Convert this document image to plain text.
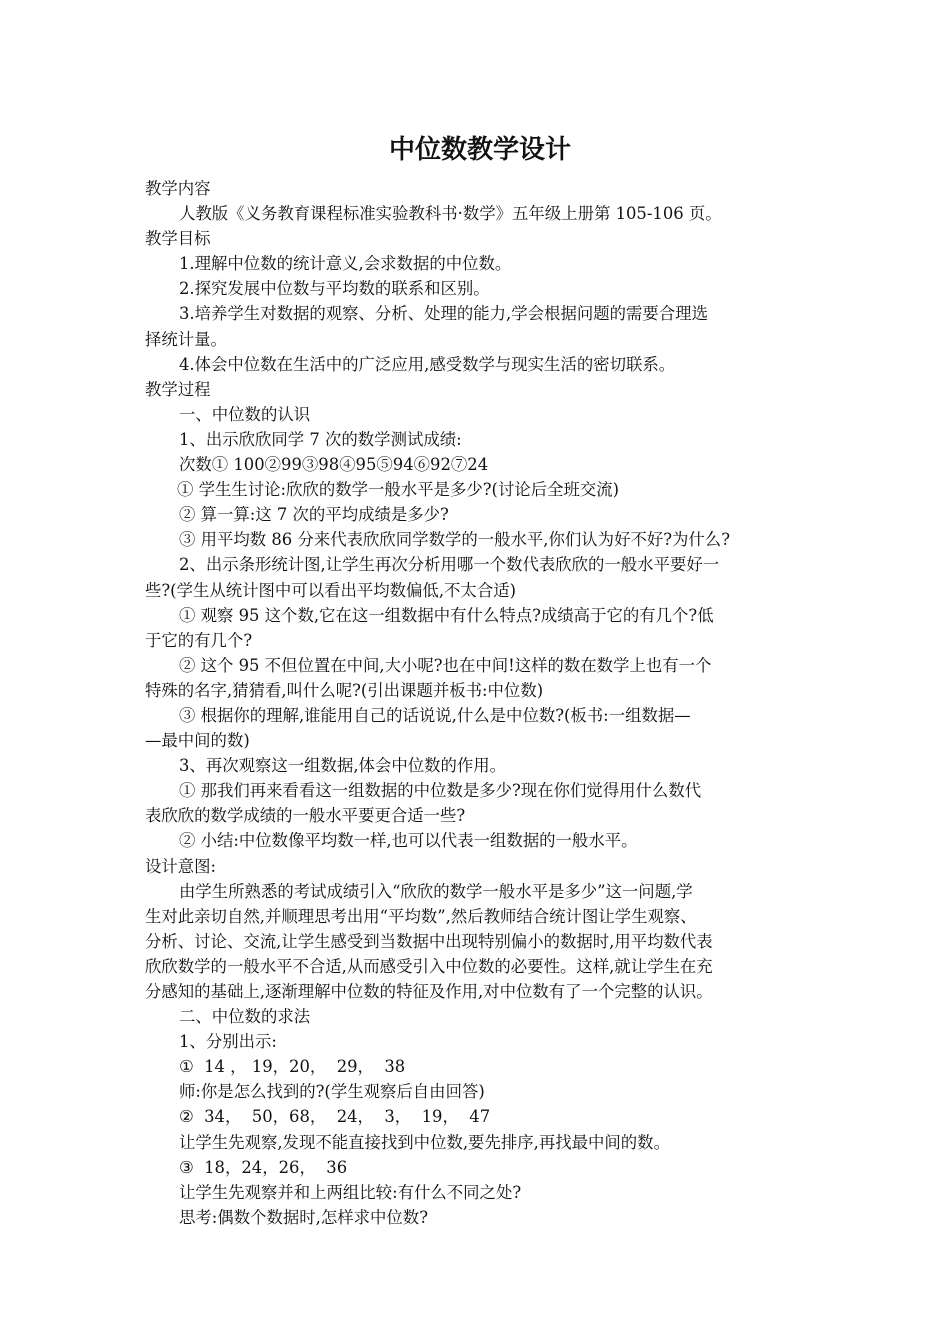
中位数教学设计
教学内容
人教版《义务教育课程标准实验教科书·数学》五年级上册第 105-106 页。
教学目标
1.理解中位数的统计意义,会求数据的中位数。
2.探究发展中位数与平均数的联系和区别。
3.培养学生对数据的观察、分析、处理的能力,学会根据问题的需要合理选
择统计量。
4.体会中位数在生活中的广泛应用,感受数学与现实生活的密切联系。
教学过程
一、中位数的认识
1、出示欣欣同学 7 次的数学测试成绩:
次数① 100②99③98④95⑤94⑥92⑦24
① 学生生讨论:欣欣的数学一般水平是多少?(讨论后全班交流)
② 算一算:这 7 次的平均成绩是多少?
③ 用平均数 86 分来代表欣欣同学数学的一般水平,你们认为好不好?为什么?
2、出示条形统计图,让学生再次分析用哪一个数代表欣欣的一般水平要好一
些?(学生从统计图中可以看出平均数偏低,不太合适)
① 观察 95 这个数,它在这一组数据中有什么特点?成绩高于它的有几个?低
于它的有几个?
② 这个 95 不但位置在中间,大小呢?也在中间!这样的数在数学上也有一个
特殊的名字,猜猜看,叫什么呢?(引出课题并板书:中位数)
③ 根据你的理解,谁能用自己的话说说,什么是中位数?(板书:一组数据—
—最中间的数)
3、再次观察这一组数据,体会中位数的作用。
① 那我们再来看看这一组数据的中位数是多少?现在你们觉得用什么数代
表欣欣的数学成绩的一般水平要更合适一些?
② 小结:中位数像平均数一样,也可以代表一组数据的一般水平。
设计意图:
由学生所熟悉的考试成绩引入“欣欣的数学一般水平是多少”这一问题,学
生对此亲切自然,并顺理思考出用“平均数”,然后教师结合统计图让学生观察、
分析、讨论、交流,让学生感受到当数据中出现特别偏小的数据时,用平均数代表
欣欣数学的一般水平不合适,从而感受引入中位数的必要性。这样,就让学生在充
分感知的基础上,逐渐理解中位数的特征及作用,对中位数有了一个完整的认识。
二、中位数的求法
1、分别出示:
①  14 ， 19，20，  29，  38
师:你是怎么找到的?(学生观察后自由回答)
②  34，  50，68，  24，  3，  19，  47
让学生先观察,发现不能直接找到中位数,要先排序,再找最中间的数。
③  18，24，26，  36
让学生先观察并和上两组比较:有什么不同之处?
思考:偶数个数据时,怎样求中位数?
